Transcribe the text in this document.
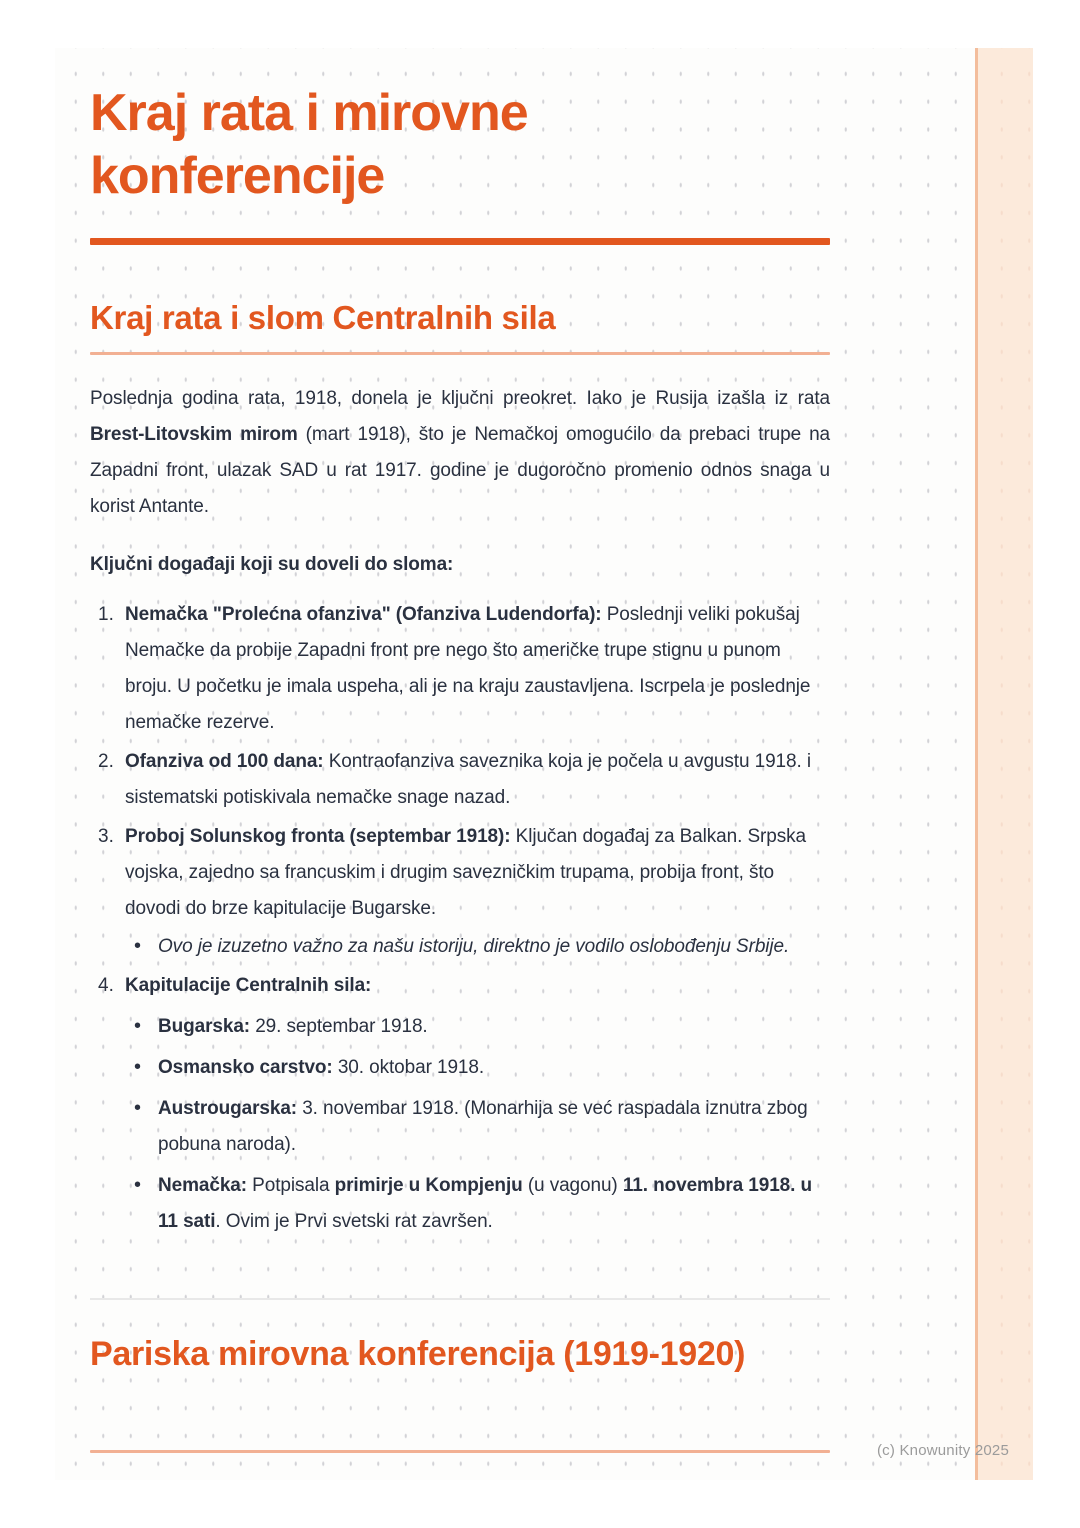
Kraj rata i mirovne konferencije
Kraj rata i slom Centralnih sila

Poslednja godina rata, 1918, donela je ključni preokret. Iako je Rusija izašla iz rata Brest-Litovskim mirom (mart 1918), što je Nemačkoj omogućilo da prebaci trupe na Zapadni front, ulazak SAD u rat 1917. godine je dugoročno promenio odnos snaga u korist Antante.

Ključni događaji koji su doveli do sloma:

1. Nemačka "Prolećna ofanziva" (Ofanziva Ludendorfa): Poslednji veliki pokušaj Nemačke da probije Zapadni front pre nego što američke trupe stignu u punom broju. U početku je imala uspeha, ali je na kraju zaustavljena. Iscrpela je poslednje nemačke rezerve.
2. Ofanziva od 100 dana: Kontraofanziva saveznika koja je počela u avgustu 1918. i sistematski potiskivala nemačke snage nazad.
3. Proboj Solunskog fronta (septembar 1918): Ključan događaj za Balkan. Srpska vojska, zajedno sa francuskim i drugim savezničkim trupama, probija front, što dovodi do brze kapitulacije Bugarske.
• Ovo je izuzetno važno za našu istoriju, direktno je vodilo oslobođenju Srbije.
4. Kapitulacije Centralnih sila:
• Bugarska: 29. septembar 1918.
• Osmansko carstvo: 30. oktobar 1918.
• Austrougarska: 3. novembar 1918. (Monarhija se već raspadala iznutra zbog pobuna naroda).
• Nemačka: Potpisala primirje u Kompjenju (u vagonu) 11. novembra 1918. u 11 sati. Ovim je Prvi svetski rat završen.
Pariska mirovna konferencija (1919-1920)
(c) Knowunity 2025
